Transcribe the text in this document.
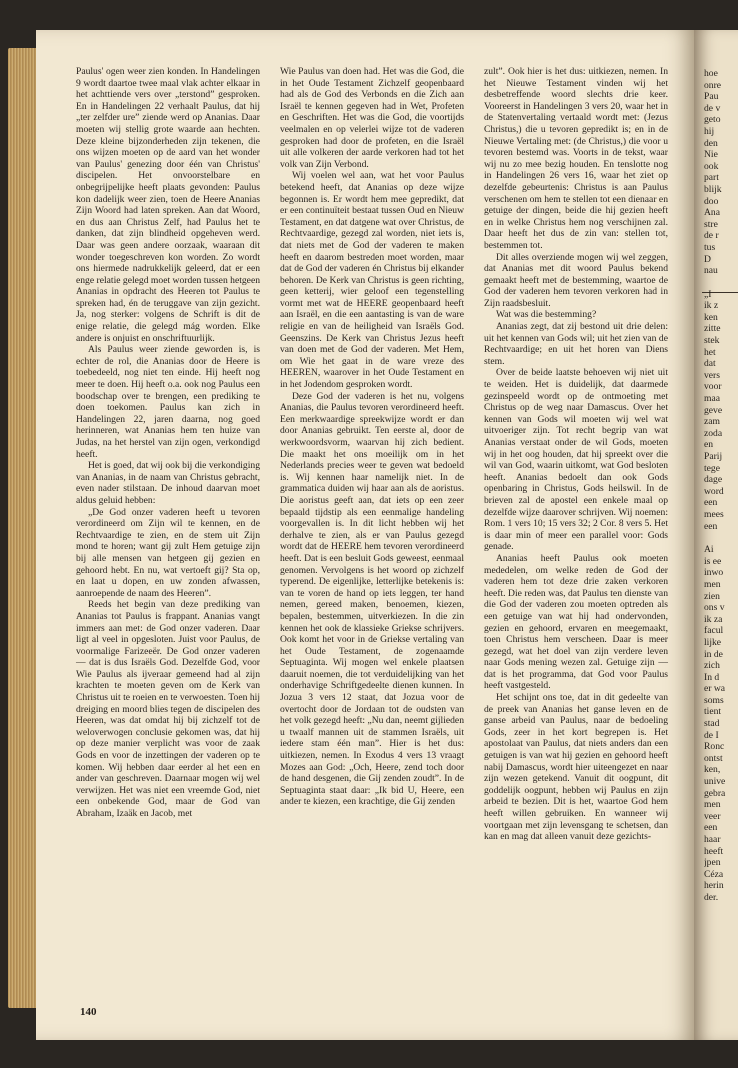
Paulus' ogen weer zien konden. In Handelingen 9 wordt daartoe twee maal vlak achter elkaar in het achttiende vers over „terstond” gesproken. En in Handelingen 22 verhaalt Paulus, dat hij „ter zelfder ure” ziende werd op Ananias. Daar moeten wij stellig grote waarde aan hechten. Deze kleine bijzonderheden zijn tekenen, die ons wijzen moeten op de aard van het wonder van Paulus' genezing door één van Christus' discipelen. Het onvoorstelbare en onbegrijpelijke heeft plaats gevonden: Paulus kon dadelijk weer zien, toen de Heere Ananias Zijn Woord had laten spreken. Aan dat Woord, en dus aan Christus Zelf, had Paulus het te danken, dat zijn blindheid opgeheven werd. Daar was geen andere oorzaak, waaraan dit wonder toegeschreven kon worden. Zo wordt ons hiermede nadrukkelijk geleerd, dat er een enge relatie gelegd moet worden tussen hetgeen Ananias in opdracht des Heeren tot Paulus te spreken had, én de teruggave van zijn gezicht. Ja, nog sterker: volgens de Schrift is dit de enige relatie, die gelegd mág worden. Elke andere is onjuist en onschriftuurlijk.

Als Paulus weer ziende geworden is, is echter de rol, die Ananias door de Heere is toebedeeld, nog niet ten einde. Hij heeft nog meer te doen. Hij heeft o.a. ook nog Paulus een boodschap over te brengen, een prediking te doen toekomen. Paulus kan zich in Handelingen 22, jaren daarna, nog goed herinneren, wat Ananias hem ten huize van Judas, na het herstel van zijn ogen, verkondigd heeft.

Het is goed, dat wij ook bij die verkondiging van Ananias, in de naam van Christus gebracht, even nader stilstaan. De inhoud daarvan moet aldus geluid hebben:

„De God onzer vaderen heeft u tevoren verordineerd om Zijn wil te kennen, en de Rechtvaardige te zien, en de stem uit Zijn mond te horen; want gij zult Hem getuige zijn bij alle mensen van hetgeen gij gezien en gehoord hebt. En nu, wat vertoeft gij? Sta op, en laat u dopen, en uw zonden afwassen, aanroepende de naam des Heeren”.

Reeds het begin van deze prediking van Ananias tot Paulus is frappant. Ananias vangt immers aan met: de God onzer vaderen. Daar ligt al veel in opgesloten. Juist voor Paulus, de voormalige Farizeeër. De God onzer vaderen — dat is dus Israëls God. Dezelfde God, voor Wie Paulus als ijveraar gemeend had al zijn krachten te moeten geven om de Kerk van Christus uit te roeien en te verwoesten. Toen hij dreiging en moord blies tegen de discipelen des Heeren, was dat omdat hij bij zichzelf tot de weloverwogen conclusie gekomen was, dat hij op deze manier verplicht was voor de zaak Gods en voor de inzettingen der vaderen op te komen. Wij hebben daar eerder al het een en ander van geschreven. Daarnaar mogen wij wel verwijzen. Het was niet een vreemde God, niet een onbekende God, maar de God van Abraham, Izaäk en Jacob, met

Wie Paulus van doen had. Het was die God, die in het Oude Testament Zichzelf geopenbaard had als de God des Verbonds en die Zich aan Israël te kennen gegeven had in Wet, Profeten en Geschriften. Het was die God, die voortijds veelmalen en op velerlei wijze tot de vaderen gesproken had door de profeten, en die Israël uit alle volkeren der aarde verkoren had tot het volk van Zijn Verbond.

Wij voelen wel aan, wat het voor Paulus betekend heeft, dat Ananias op deze wijze begonnen is. Er wordt hem mee gepredikt, dat er een continuïteit bestaat tussen Oud en Nieuw Testament, en dat datgene wat over Christus, de Rechtvaardige, gezegd zal worden, niet iets is, dat niets met de God der vaderen te maken heeft en daarom bestreden moet worden, maar dat de God der vaderen én Christus bij elkander behoren. De Kerk van Christus is geen richting, geen ketterij, wier geloof een tegenstelling vormt met wat de HEERE geopenbaard heeft aan Israël, en die een aantasting is van de ware religie en van de heiligheid van Israëls God. Geenszins. De Kerk van Christus Jezus heeft van doen met de God der vaderen. Met Hem, om Wie het gaat in de ware vreze des HEEREN, waarover in het Oude Testament en in het Jodendom gesproken wordt.

Deze God der vaderen is het nu, volgens Ananias, die Paulus tevoren verordineerd heeft. Een merkwaardige spreekwijze wordt er dan door Ananias gebruikt. Ten eerste al, door de werkwoordsvorm, waarvan hij zich bedient. Die maakt het ons moeilijk om in het Nederlands precies weer te geven wat bedoeld is. Wij kennen haar namelijk niet. In de grammatica duiden wij haar aan als de aoristus. Die aoristus geeft aan, dat iets op een zeer bepaald tijdstip als een eenmalige handeling voorgevallen is. In dit licht hebben wij het derhalve te zien, als er van Paulus gezegd wordt dat de HEERE hem tevoren verordineerd heeft. Dat is een besluit Gods geweest, eenmaal genomen. Vervolgens is het woord op zichzelf typerend. De eigenlijke, letterlijke betekenis is: van te voren de hand op iets leggen, ter hand nemen, gereed maken, benoemen, kiezen, bepalen, bestemmen, uitverkiezen. In die zin kennen het ook de klassieke Griekse schrijvers. Ook komt het voor in de Griekse vertaling van het Oude Testament, de zogenaamde Septuaginta. Wij mogen wel enkele plaatsen daaruit noemen, die tot verduidelijking van het onderhavige Schriftgedeelte dienen kunnen. In Jozua 3 vers 12 staat, dat Jozua voor de overtocht door de Jordaan tot de oudsten van het volk gezegd heeft: „Nu dan, neemt gijlieden u twaalf mannen uit de stammen Israëls, uit iedere stam één man”. Hier is het dus: uitkiezen, nemen. In Exodus 4 vers 13 vraagt Mozes aan God: „Och, Heere, zend toch door de hand desgenen, die Gij zenden zoudt”. In de Septuaginta staat daar: „Ik bid U, Heere, een ander te kiezen, een krachtige, die Gij zenden

zult”. Ook hier is het dus: uitkiezen, nemen. In het Nieuwe Testament vinden wij het desbetreffende woord slechts drie keer. Vooreerst in Handelingen 3 vers 20, waar het in de Statenvertaling vertaald wordt met: (Jezus Christus,) die u tevoren gepredikt is; en in de Nieuwe Vertaling met: (de Christus,) die voor u tevoren bestemd was. Voorts in de tekst, waar wij nu zo mee bezig houden. En tenslotte nog in Handelingen 26 vers 16, waar het ziet op dezelfde gebeurtenis: Christus is aan Paulus verschenen om hem te stellen tot een dienaar en getuige der dingen, beide die hij gezien heeft en in welke Christus hem nog verschijnen zal. Daar heeft het dus de zin van: stellen tot, bestemmen tot.

Dit alles overziende mogen wij wel zeggen, dat Ananias met dit woord Paulus bekend gemaakt heeft met de bestemming, waartoe de God der vaderen hem tevoren verkoren had in Zijn raadsbesluit.

Wat was die bestemming?

Ananias zegt, dat zij bestond uit drie delen: uit het kennen van Gods wil; uit het zien van de Rechtvaardige; en uit het horen van Diens stem.

Over de beide laatste behoeven wij niet uit te weiden. Het is duidelijk, dat daarmede gezinspeeld wordt op de ontmoeting met Christus op de weg naar Damascus. Over het kennen van Gods wil moeten wij wel wat uitvoeriger zijn. Tot recht begrip van wat Ananias verstaat onder de wil Gods, moeten wij in het oog houden, dat hij spreekt over die wil van God, waarin uitkomt, wat God besloten heeft. Ananias bedoelt dan ook Gods openbaring in Christus, Gods heilswil. In de brieven zal de apostel een enkele maal op dezelfde wijze daarover schrijven. Wij noemen: Rom. 1 vers 10; 15 vers 32; 2 Cor. 8 vers 5. Het is daar min of meer een parallel voor: Gods genade.

Ananias heeft Paulus ook moeten mededelen, om welke reden de God der vaderen hem tot deze drie zaken verkoren heeft. Die reden was, dat Paulus ten dienste van die God der vaderen zou moeten optreden als een getuige van wat hij had ondervonden, gezien en gehoord, ervaren en meegemaakt, toen Christus hem verscheen. Daar is meer gezegd, wat het doel van zijn verdere leven naar Gods mening wezen zal. Getuige zijn — dat is het programma, dat God voor Paulus heeft vastgesteld.

Het schijnt ons toe, dat in dit gedeelte van de preek van Ananias het ganse leven en de ganse arbeid van Paulus, naar de bedoeling Gods, zeer in het kort begrepen is. Het apostolaat van Paulus, dat niets anders dan een getuigen is van wat hij gezien en gehoord heeft nabij Damascus, wordt hier uiteengezet en naar zijn wezen getekend. Vanuit dit oogpunt, dit goddelijk oogpunt, hebben wij Paulus en zijn arbeid te bezien. Dit is het, waartoe God hem heeft willen gebruiken. En wanneer wij voortgaan met zijn levensgang te schetsen, dan kan en mag dat alleen vanuit deze gezichts-

140
hoe
onre
Pau
de v
geto
hij
den
Nie
ook
part
blijk
doo
Ana
stre
de r
tus
D
nau
„I
ik z
ken
zitte
stek
het
dat
vers
voor
maa
geve
zam
zoda
en
Parij
tege
dage
word
een
mees
een
Ai
is ee
inwo
men
zien
ons v
ik za
facul
lijke
in de
zich
In d
er wa
soms
tient
stad
de I
Ronc
ontst
ken,
unive
gebra
men
veer
een
haar
heeft
jpen
Céza
herin
der.
